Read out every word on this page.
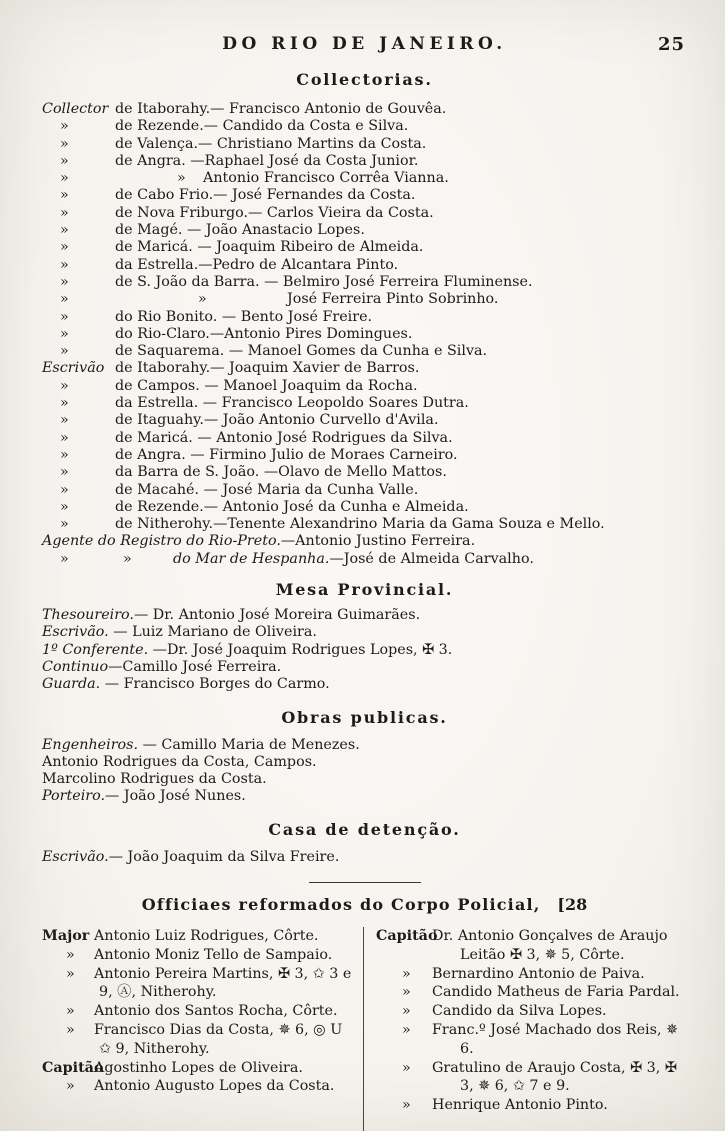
DO RIO DE JANEIRO.	25
Collectorias.
Collector de Itaborahy.— Francisco Antonio de Gouvêa.
»	de Rezende.— Candido da Costa e Silva.
»	de Valença.— Christiano Martins da Costa.
»	de Angra. —Raphael José da Costa Junior.
»	» Antonio Francisco Corrêa Vianna.
»	de Cabo Frio.— José Fernandes da Costa.
»	de Nova Friburgo.— Carlos Vieira da Costa.
»	de Magé. — João Anastacio Lopes.
»	de Maricá. — Joaquim Ribeiro de Almeida.
»	da Estrella.—Pedro de Alcantara Pinto.
»	de S. João da Barra. — Belmiro José Ferreira Fluminense.
»	»	José Ferreira Pinto Sobrinho.
»	do Rio Bonito. — Bento José Freire.
»	do Rio-Claro.—Antonio Pires Domingues.
»	de Saquarema. — Manoel Gomes da Cunha e Silva.
Escrivão de Itaborahy.— Joaquim Xavier de Barros.
»	de Campos. — Manoel Joaquim da Rocha.
»	da Estrella. — Francisco Leopoldo Soares Dutra.
»	de Itaguahy.— João Antonio Curvello d'Avila.
»	de Maricá. — Antonio José Rodrigues da Silva.
»	de Angra. — Firmino Julio de Moraes Carneiro.
»	da Barra de S. João. —Olavo de Mello Mattos.
»	de Macahé. — José Maria da Cunha Valle.
»	de Rezende.— Antonio José da Cunha e Almeida.
»	de Nitherohy.—Tenente Alexandrino Maria da Gama Souza e Mello.
Agente do Registro do Rio-Preto.—Antonio Justino Ferreira.
»	»	do Mar de Hespanha.—José de Almeida Carvalho.
Mesa Provincial.
Thesoureiro.— Dr. Antonio José Moreira Guimarães.
Escrivão. — Luiz Mariano de Oliveira.
1º Conferente. —Dr. José Joaquim Rodrigues Lopes, ✠ 3.
Continuo—Camillo José Ferreira.
Guarda. — Francisco Borges do Carmo.
Obras publicas.
Engenheiros. — Camillo Maria de Menezes.
Antonio Rodrigues da Costa, Campos.
Marcolino Rodrigues da Costa.
Porteiro.— João José Nunes.
Casa de detenção.
Escrivão.— João Joaquim da Silva Freire.
Officiaes reformados do Corpo Policial, [28
Major Antonio Luiz Rodrigues, Côrte.
» Antonio Moniz Tello de Sampaio.
» Antonio Pereira Martins, ✠ 3, ✩ 3 e 9, Ⓐ, Nitherohy.
» Antonio dos Santos Rocha, Côrte.
» Francisco Dias da Costa, ✵ 6, ◎ U ✩ 9, Nitherohy.
CapitãoAgostinho Lopes de Oliveira.
» Antonio Augusto Lopes da Costa.
CapitãoDr. Antonio Gonçalves de Araujo Leitão ✠ 3, ✵ 5, Côrte.
» Bernardino Antonio de Paiva.
» Candido Matheus de Faria Pardal.
» Candido da Silva Lopes.
» Franc.º José Machado dos Reis, ✵ 6.
» Gratulino de Araujo Costa, ✠ 3, ✠ 3, ✵ 6, ✩ 7 e 9.
» Henrique Antonio Pinto.
